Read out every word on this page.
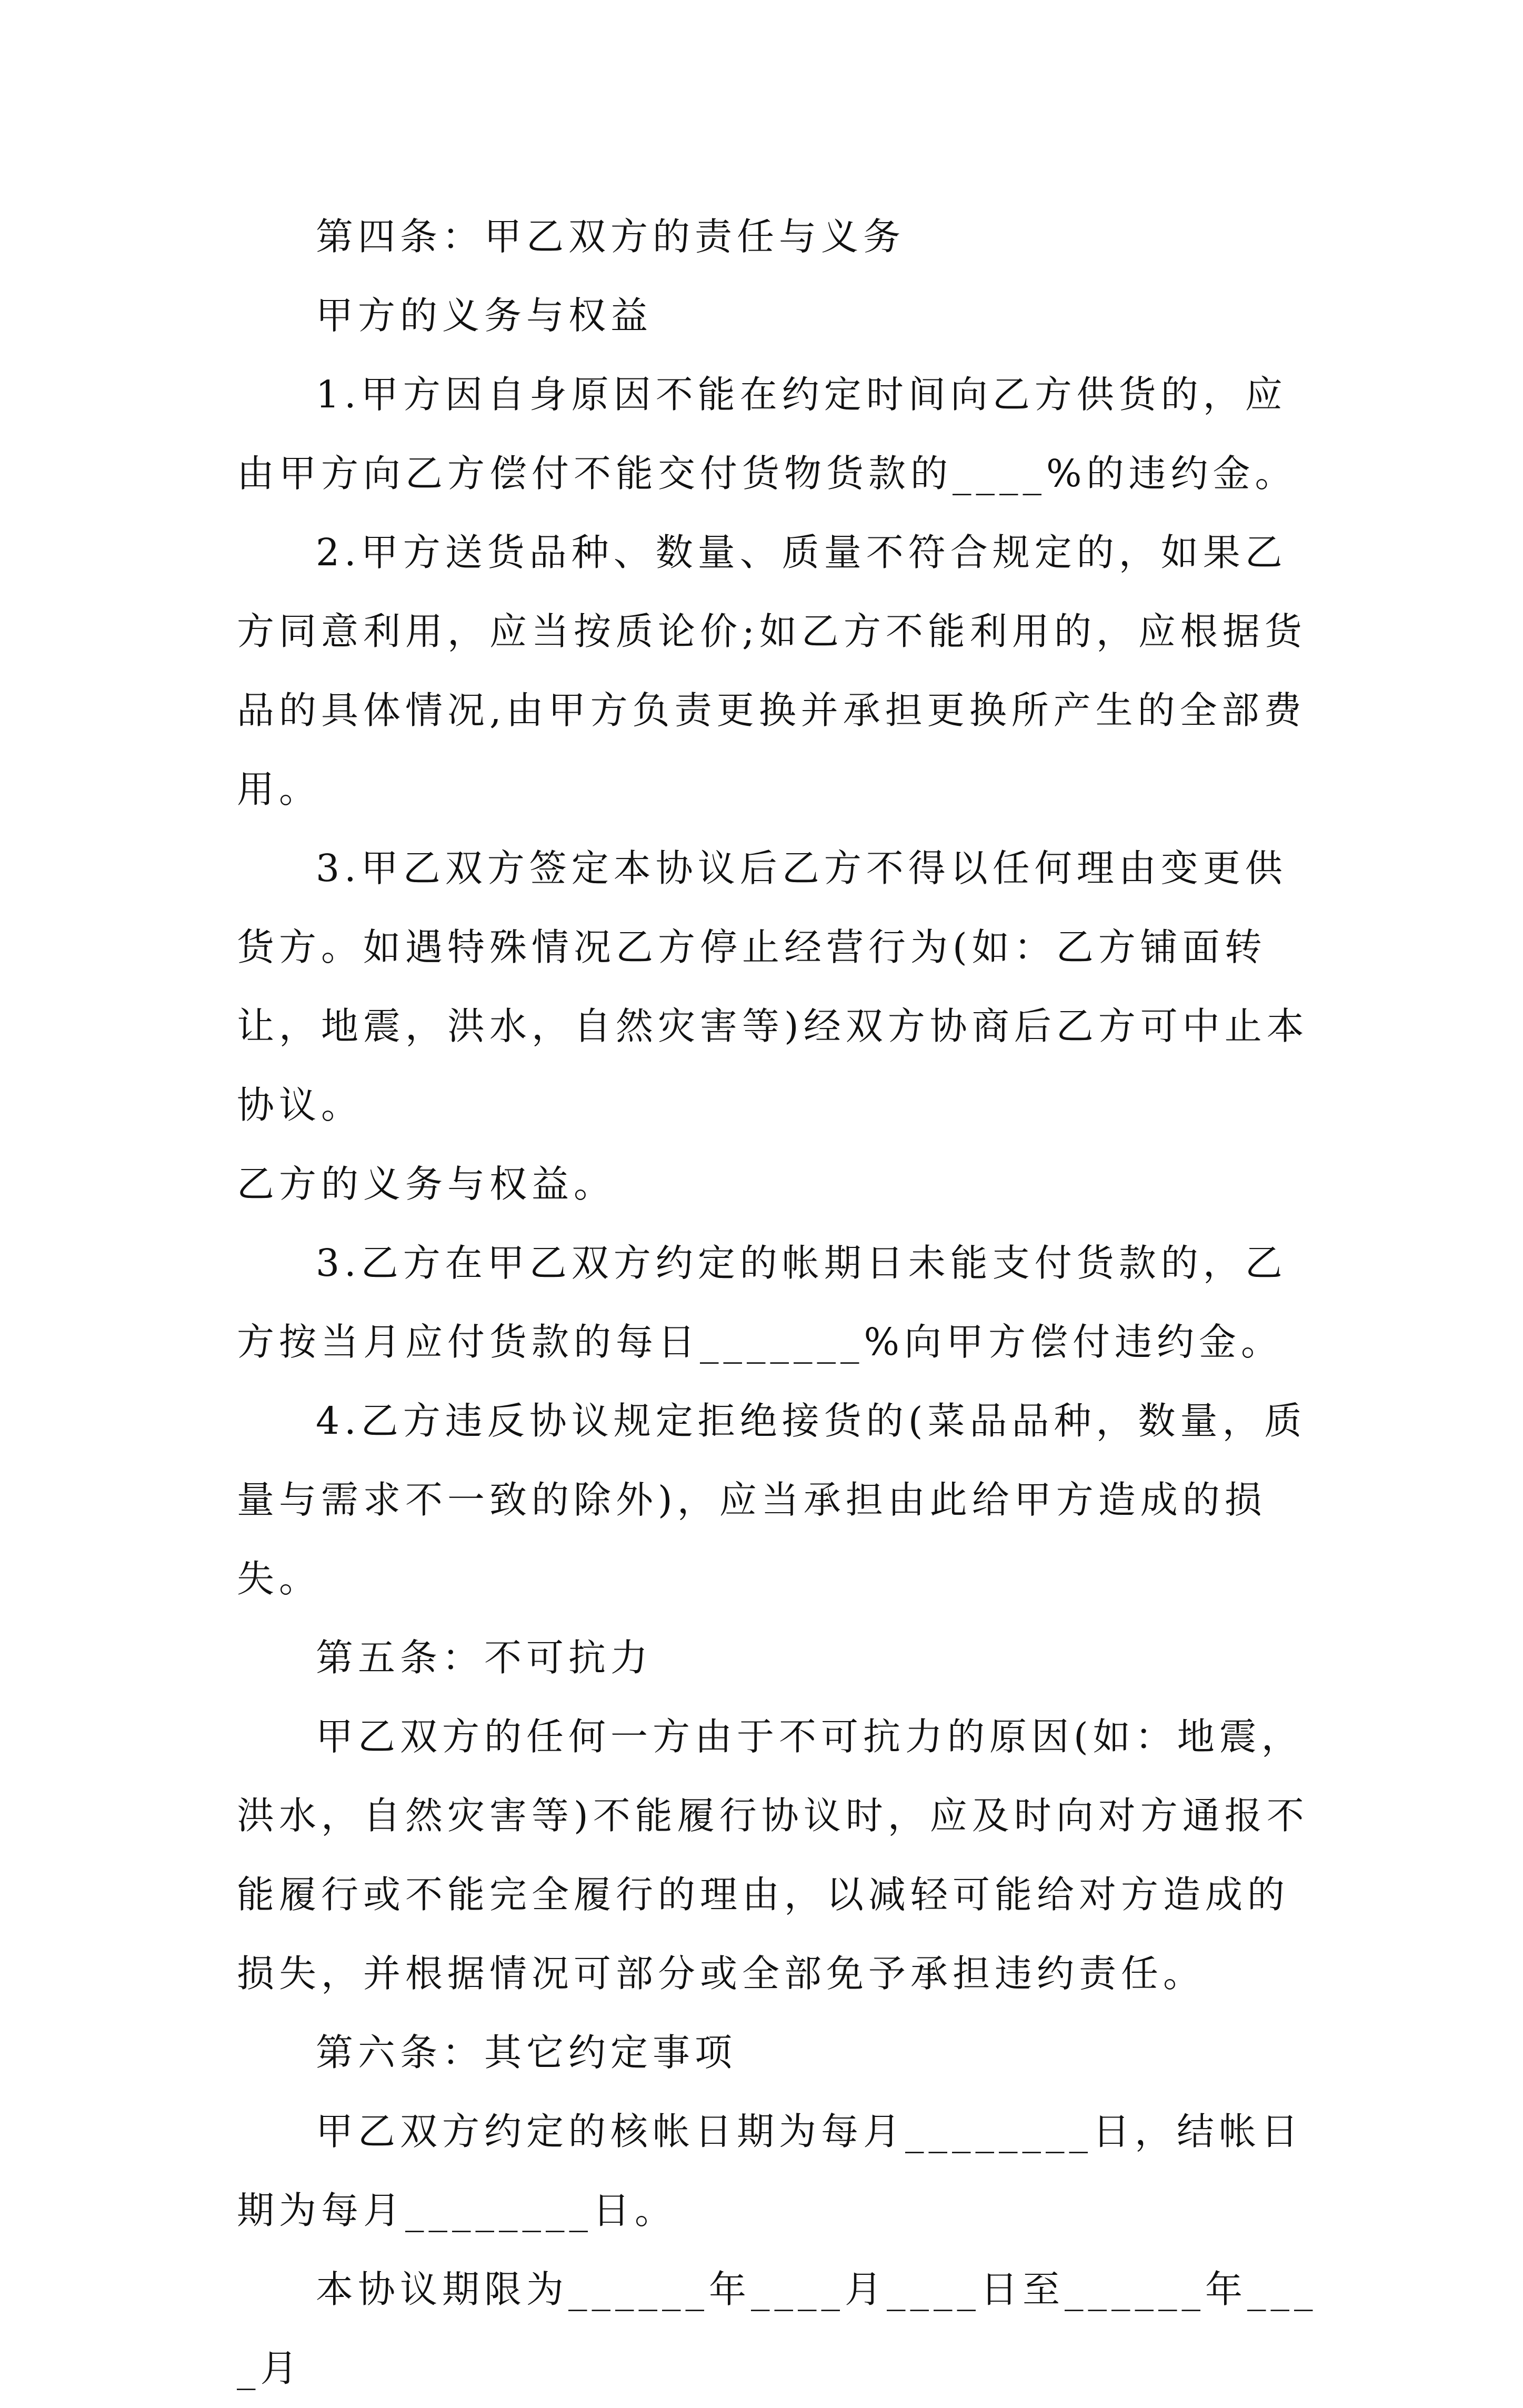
第四条：甲乙双方的责任与义务

甲方的义务与权益

1.甲方因自身原因不能在约定时间向乙方供货的，应由甲方向乙方偿付不能交付货物货款的____%的违约金。

2.甲方送货品种、数量、质量不符合规定的，如果乙方同意利用，应当按质论价;如乙方不能利用的，应根据货品的具体情况,由甲方负责更换并承担更换所产生的全部费用。

3.甲乙双方签定本协议后乙方不得以任何理由变更供货方。如遇特殊情况乙方停止经营行为(如：乙方铺面转让，地震，洪水，自然灾害等)经双方协商后乙方可中止本协议。

乙方的义务与权益。

3.乙方在甲乙双方约定的帐期日未能支付货款的，乙方按当月应付货款的每日_______%向甲方偿付违约金。

4.乙方违反协议规定拒绝接货的(菜品品种，数量，质量与需求不一致的除外)，应当承担由此给甲方造成的损失。

第五条：不可抗力

甲乙双方的任何一方由于不可抗力的原因(如：地震，洪水，自然灾害等)不能履行协议时，应及时向对方通报不能履行或不能完全履行的理由，以减轻可能给对方造成的损失，并根据情况可部分或全部免予承担违约责任。

第六条：其它约定事项

甲乙双方约定的核帐日期为每月________日，结帐日期为每月________日。

本协议期限为______年____月____日至______年____月
